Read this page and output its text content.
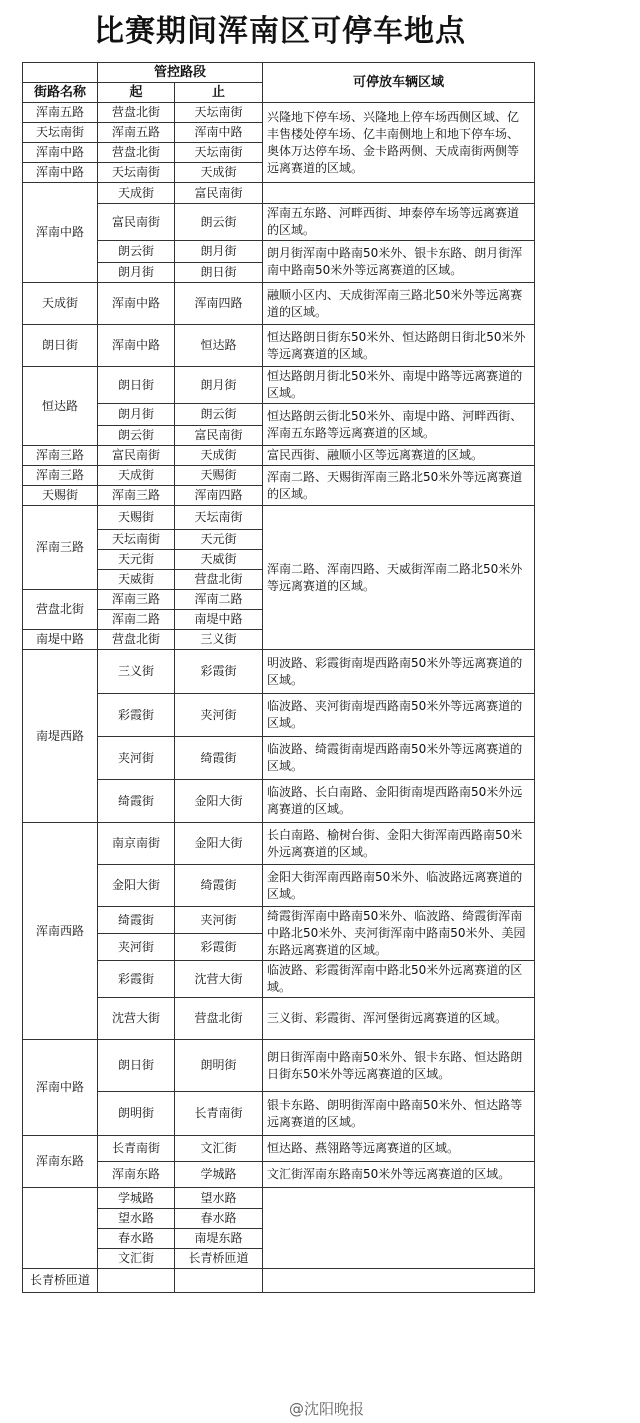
比赛期间浑南区可停车地点
	管控路段		可停放车辆区域
街路名称	起	止	
浑南五路	营盘北街	天坛南街	兴隆地下停车场、兴隆地上停车场西侧区域、亿丰售楼处停车场、亿丰南侧地上和地下停车场、奥体万达停车场、金卡路两侧、天成南街两侧等远离赛道的区域。
天坛南街	浑南五路	浑南中路	
浑南中路	营盘北街	天坛南街	
浑南中路	天坛南街	天成街	
浑南中路	天成街	富民南街	
	富民南街	朗云街	浑南五东路、河畔西街、坤泰停车场等远离赛道的区域。
	朗云街	朗月街	朗月街浑南中路南50米外、银卡东路、朗月街浑南中路南50米外等远离赛道的区域。
	朗月街	朗日街	
天成街	浑南中路	浑南四路	融顺小区内、天成街浑南三路北50米外等远离赛道的区域。
朗日街	浑南中路	恒达路	恒达路朗日街东50米外、恒达路朗日街北50米外等远离赛道的区域。
恒达路	朗日街	朗月街	恒达路朗月街北50米外、南堤中路等远离赛道的区域。
	朗月街	朗云街	恒达路朗云街北50米外、南堤中路、河畔西街、浑南五东路等远离赛道的区域。
	朗云街	富民南街	
浑南三路	富民南街	天成街	富民西街、融顺小区等远离赛道的区域。
浑南三路	天成街	天赐街	浑南二路、天赐街浑南三路北50米外等远离赛道的区域。
天赐街	浑南三路	浑南四路	
浑南三路	天赐街	天坛南街	浑南二路、浑南四路、天威街浑南二路北50米外等远离赛道的区域。
	天坛南街	天元街	
	天元街	天威街	
	天威街	营盘北街	
营盘北街	浑南三路	浑南二路	
	浑南二路	南堤中路	
南堤中路	营盘北街	三义街	
南堤西路	三义街	彩霞街	明波路、彩霞街南堤西路南50米外等远离赛道的区域。
	彩霞街	夹河街	临波路、夹河街南堤西路南50米外等远离赛道的区域。
	夹河街	绮霞街	临波路、绮霞街南堤西路南50米外等远离赛道的区域。
	绮霞街	金阳大街	临波路、长白南路、金阳街南堤西路南50米外远离赛道的区域。
浑南西路	南京南街	金阳大街	长白南路、榆树台街、金阳大街浑南西路南50米外远离赛道的区域。
	金阳大街	绮霞街	金阳大街浑南西路南50米外、临波路远离赛道的区域。
	绮霞街	夹河街	绮霞街浑南中路南50米外、临波路、绮霞街浑南中路北50米外、夹河街浑南中路南50米外、美园东路远离赛道的区域。
	夹河街	彩霞街	
	彩霞街	沈营大街	临波路、彩霞街浑南中路北50米外远离赛道的区域。
	沈营大街	营盘北街	三义街、彩霞街、浑河堡街远离赛道的区域。
浑南中路	朗日街	朗明街	朗日街浑南中路南50米外、银卡东路、恒达路朗日街东50米外等远离赛道的区域。
	朗明街	长青南街	银卡东路、朗明街浑南中路南50米外、恒达路等远离赛道的区域。
浑南东路	长青南街	文汇街	恒达路、燕翎路等远离赛道的区域。
	浑南东路	学城路	文汇街浑南东路南50米外等远离赛道的区域。
	学城路	望水路	
	望水路	春水路	
	春水路	南堤东路	
	文汇街	长青桥匝道	
长青桥匝道			
@沈阳晚报
